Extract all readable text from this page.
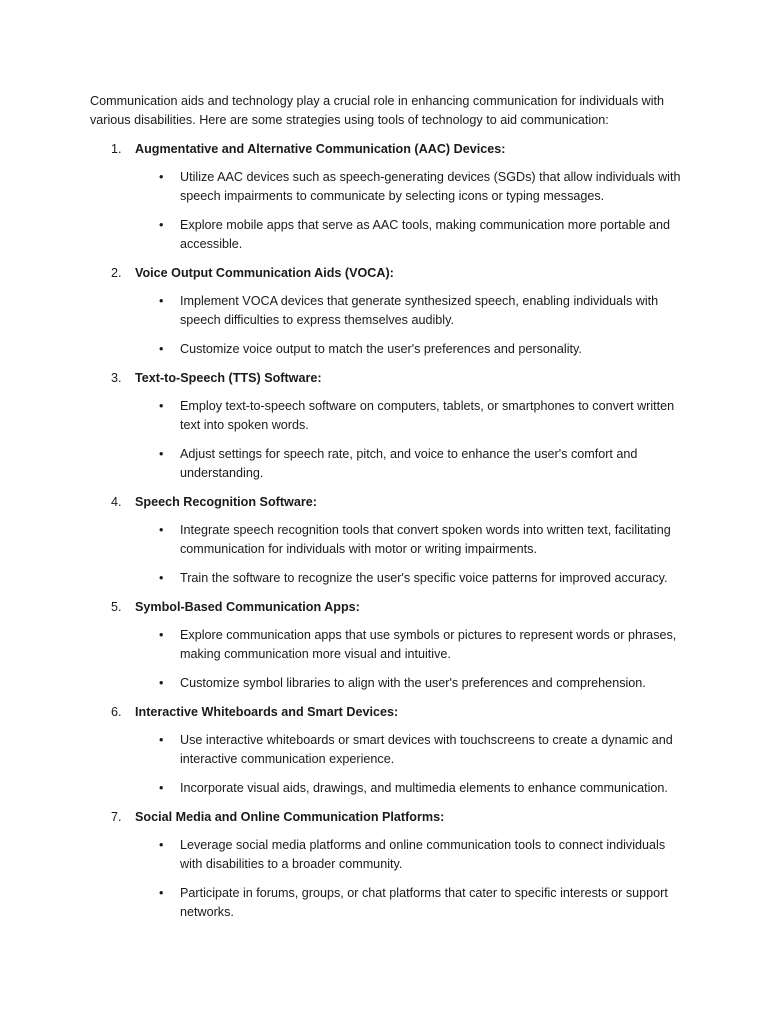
Communication aids and technology play a crucial role in enhancing communication for individuals with various disabilities. Here are some strategies using tools of technology to aid communication:

1. Augmentative and Alternative Communication (AAC) Devices:
• Utilize AAC devices such as speech-generating devices (SGDs) that allow individuals with speech impairments to communicate by selecting icons or typing messages.
• Explore mobile apps that serve as AAC tools, making communication more portable and accessible.
2. Voice Output Communication Aids (VOCA):
• Implement VOCA devices that generate synthesized speech, enabling individuals with speech difficulties to express themselves audibly.
• Customize voice output to match the user's preferences and personality.
3. Text-to-Speech (TTS) Software:
• Employ text-to-speech software on computers, tablets, or smartphones to convert written text into spoken words.
• Adjust settings for speech rate, pitch, and voice to enhance the user's comfort and understanding.
4. Speech Recognition Software:
• Integrate speech recognition tools that convert spoken words into written text, facilitating communication for individuals with motor or writing impairments.
• Train the software to recognize the user's specific voice patterns for improved accuracy.
5. Symbol-Based Communication Apps:
• Explore communication apps that use symbols or pictures to represent words or phrases, making communication more visual and intuitive.
• Customize symbol libraries to align with the user's preferences and comprehension.
6. Interactive Whiteboards and Smart Devices:
• Use interactive whiteboards or smart devices with touchscreens to create a dynamic and interactive communication experience.
• Incorporate visual aids, drawings, and multimedia elements to enhance communication.
7. Social Media and Online Communication Platforms:
• Leverage social media platforms and online communication tools to connect individuals with disabilities to a broader community.
• Participate in forums, groups, or chat platforms that cater to specific interests or support networks.
